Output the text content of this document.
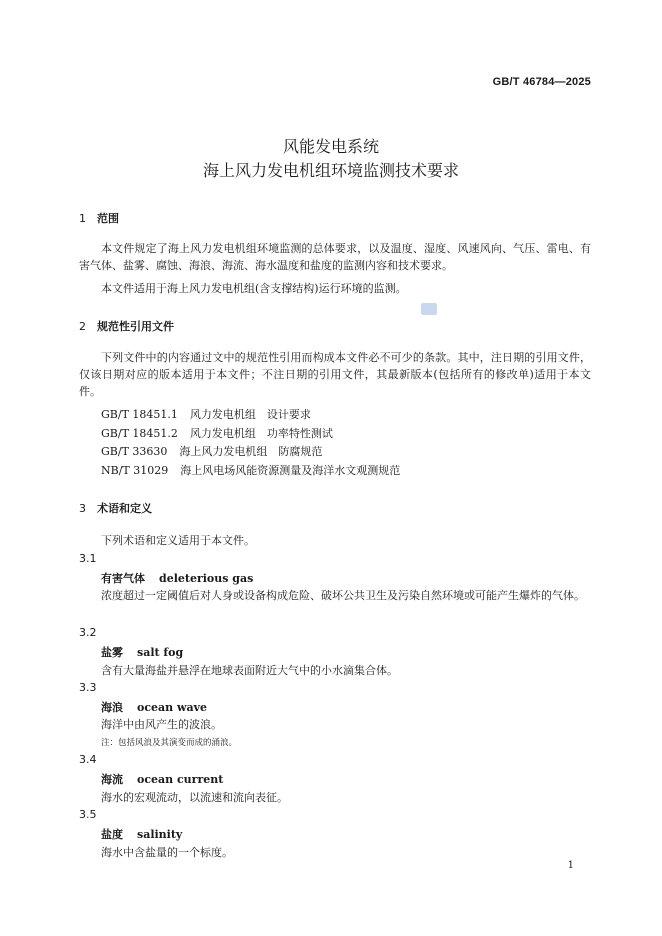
GB/T 46784—2025
风能发电系统
海上风力发电机组环境监测技术要求
1 范围
本文件规定了海上风力发电机组环境监测的总体要求，以及温度、湿度、风速风向、气压、雷电、有害气体、盐雾、腐蚀、海浪、海流、海水温度和盐度的监测内容和技术要求。
本文件适用于海上风力发电机组(含支撑结构)运行环境的监测。
2 规范性引用文件
下列文件中的内容通过文中的规范性引用而构成本文件必不可少的条款。其中，注日期的引用文件，仅该日期对应的版本适用于本文件；不注日期的引用文件，其最新版本(包括所有的修改单)适用于本文件。
GB/T 18451.1 风力发电机组　设计要求
GB/T 18451.2 风力发电机组　功率特性测试
GB/T 33630 海上风力发电机组　防腐规范
NB/T 31029 海上风电场风能资源测量及海洋水文观测规范
3 术语和定义
下列术语和定义适用于本文件。
3.1
有害气体 deleterious gas
浓度超过一定阈值后对人身或设备构成危险、破坏公共卫生及污染自然环境或可能产生爆炸的气体。
3.2
盐雾 salt fog
含有大量海盐并悬浮在地球表面附近大气中的小水滴集合体。
3.3
海浪 ocean wave
海洋中由风产生的波浪。
注：包括风浪及其演变而成的涌浪。
3.4
海流 ocean current
海水的宏观流动，以流速和流向表征。
3.5
盐度 salinity
海水中含盐量的一个标度。
1
